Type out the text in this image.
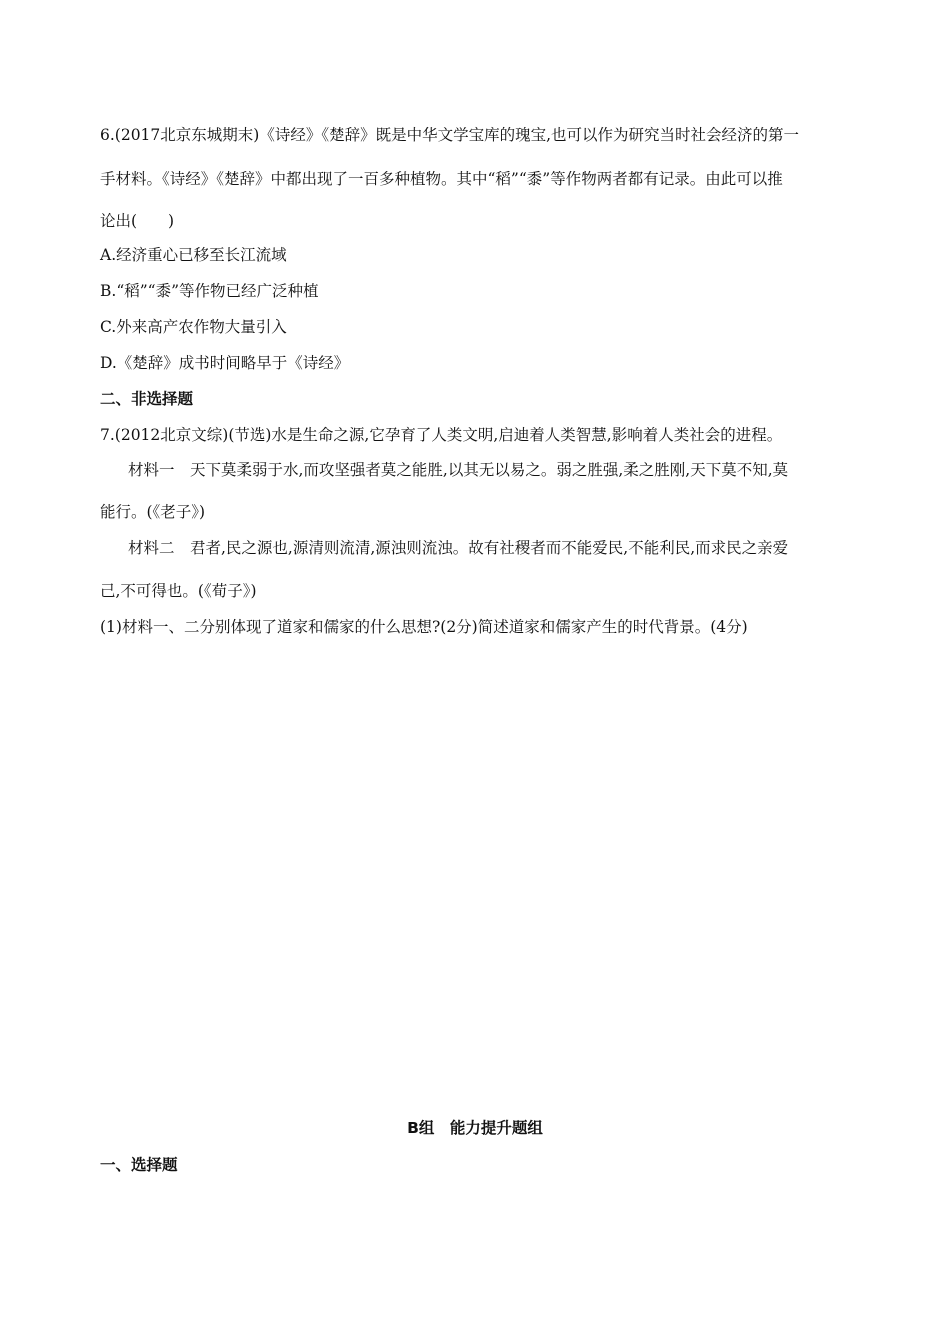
6.(2017北京东城期末)《诗经》《楚辞》既是中华文学宝库的瑰宝,也可以作为研究当时社会经济的第一
手材料。《诗经》《楚辞》中都出现了一百多种植物。其中“稻”“黍”等作物两者都有记录。由此可以推
论出(　　)
A.经济重心已移至长江流域
B.“稻”“黍”等作物已经广泛种植
C.外来高产农作物大量引入
D.《楚辞》成书时间略早于《诗经》
二、非选择题
7.(2012北京文综)(节选)水是生命之源,它孕育了人类文明,启迪着人类智慧,影响着人类社会的进程。
材料一　天下莫柔弱于水,而攻坚强者莫之能胜,以其无以易之。弱之胜强,柔之胜刚,天下莫不知,莫
能行。(《老子》)
材料二　君者,民之源也,源清则流清,源浊则流浊。故有社稷者而不能爱民,不能利民,而求民之亲爱
己,不可得也。(《荀子》)
(1)材料一、二分别体现了道家和儒家的什么思想?(2分)简述道家和儒家产生的时代背景。(4分)
B组　能力提升题组
一、选择题
